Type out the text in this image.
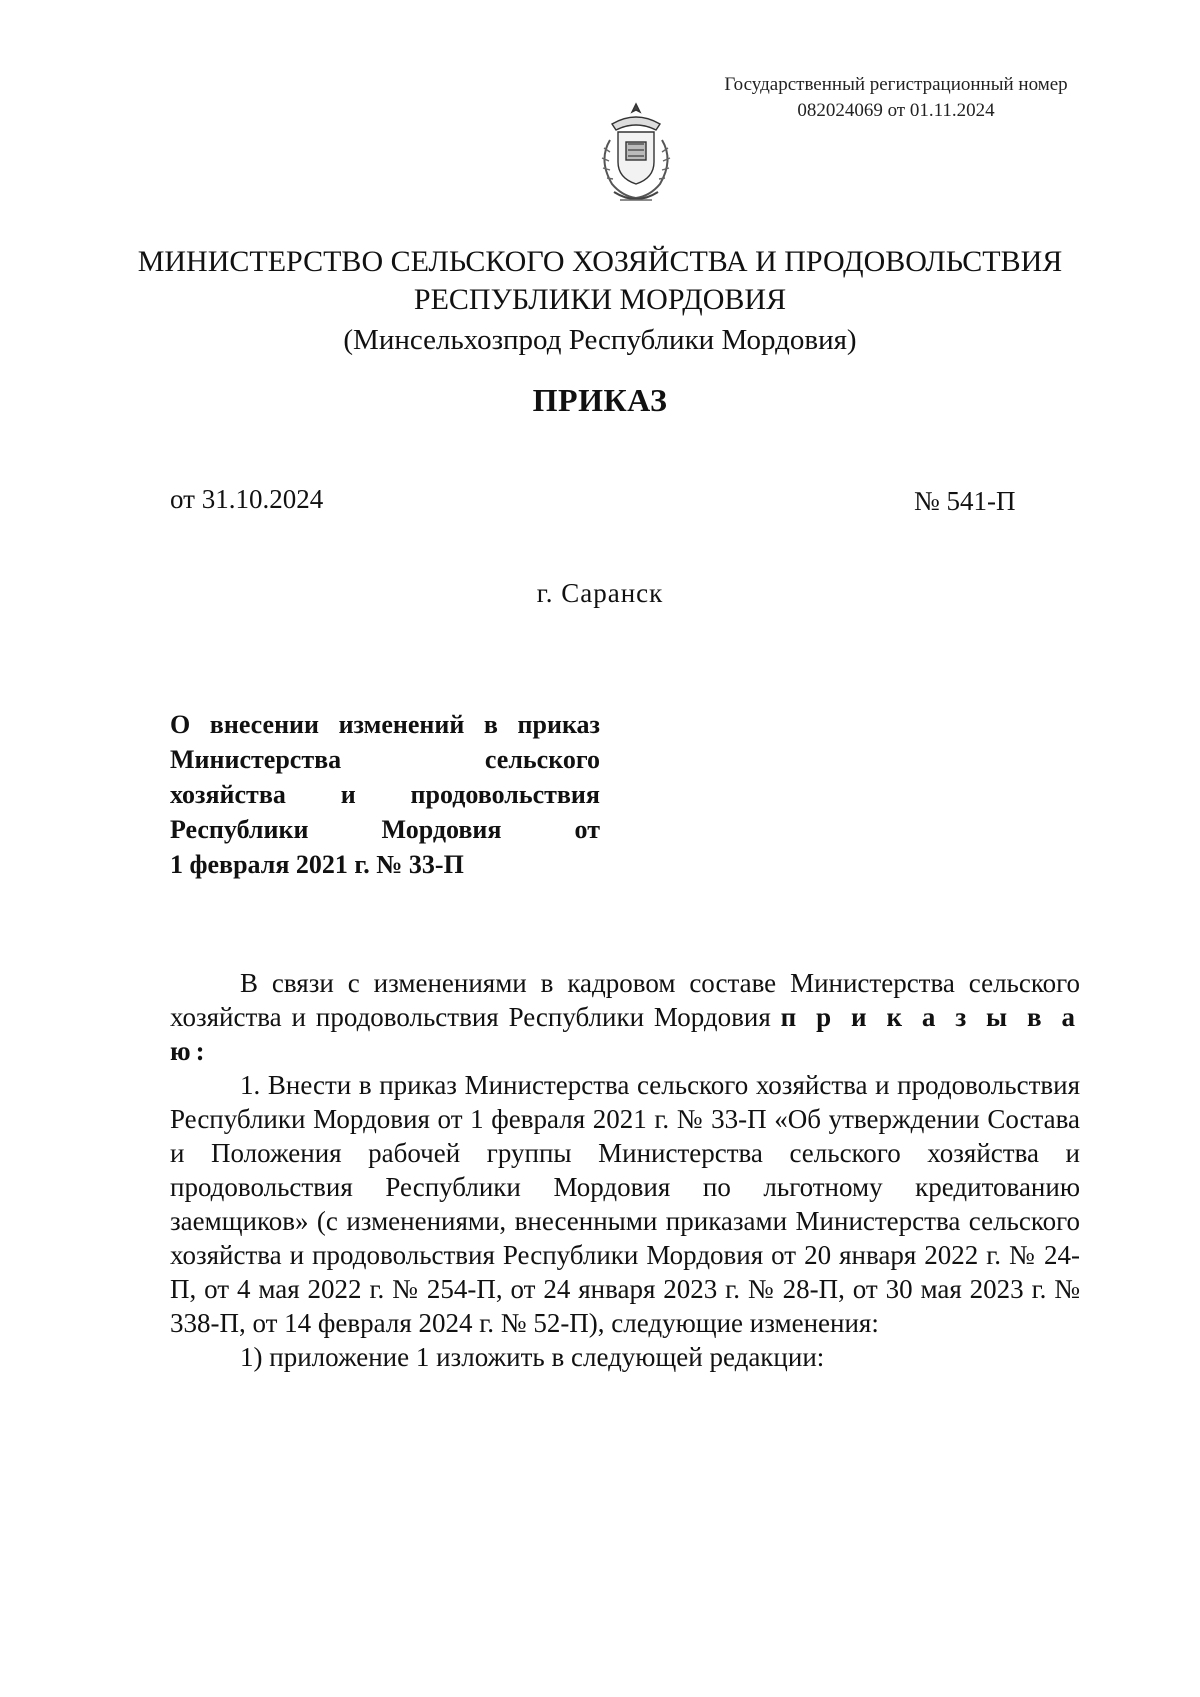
Государственный регистрационный номер
082024069 от 01.11.2024
МИНИСТЕРСТВО СЕЛЬСКОГО ХОЗЯЙСТВА И ПРОДОВОЛЬСТВИЯ
РЕСПУБЛИКИ МОРДОВИЯ
(Минсельхозпрод Республики Мордовия)
ПРИКАЗ
от 31.10.2024	№ 541-П
г. Саранск
О внесении изменений в приказ
Министерства	сельского
хозяйства и продовольствия
Республики	Мордовия	от
1 февраля 2021 г. № 33-П

В связи с изменениями в кадровом составе Министерства сельского хозяйства и продовольствия Республики Мордовия п р и к а з ы в а ю:

1. Внести в приказ Министерства сельского хозяйства и продовольствия Республики Мордовия от 1 февраля 2021 г. № 33-П «Об утверждении Состава и Положения рабочей группы Министерства сельского хозяйства и продовольствия Республики Мордовия по льготному кредитованию заемщиков» (с изменениями, внесенными приказами Министерства сельского хозяйства и продовольствия Республики Мордовия от 20 января 2022 г. № 24-П, от 4 мая 2022 г. № 254-П, от 24 января 2023 г. № 28-П, от 30 мая 2023 г. № 338-П, от 14 февраля 2024 г. № 52-П), следующие изменения:

1) приложение 1 изложить в следующей редакции:
